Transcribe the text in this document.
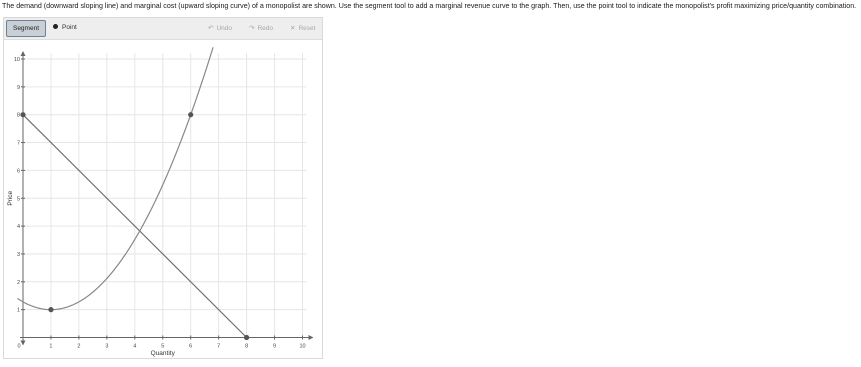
The demand (downward sloping line) and marginal cost (upward sloping curve) of a monopolist are shown. Use the segment tool to add a marginal revenue curve to the graph. Then, use the point tool to indicate the monopolist's profit maximizing price/quantity combination.
Segment	Point	↶ Undo	↷ Redo	✕ Reset
0	1	2	3	4	5	6	7	8	9	10
1
2
3
4
5
6
7
8
9
10
Quantity
Price
